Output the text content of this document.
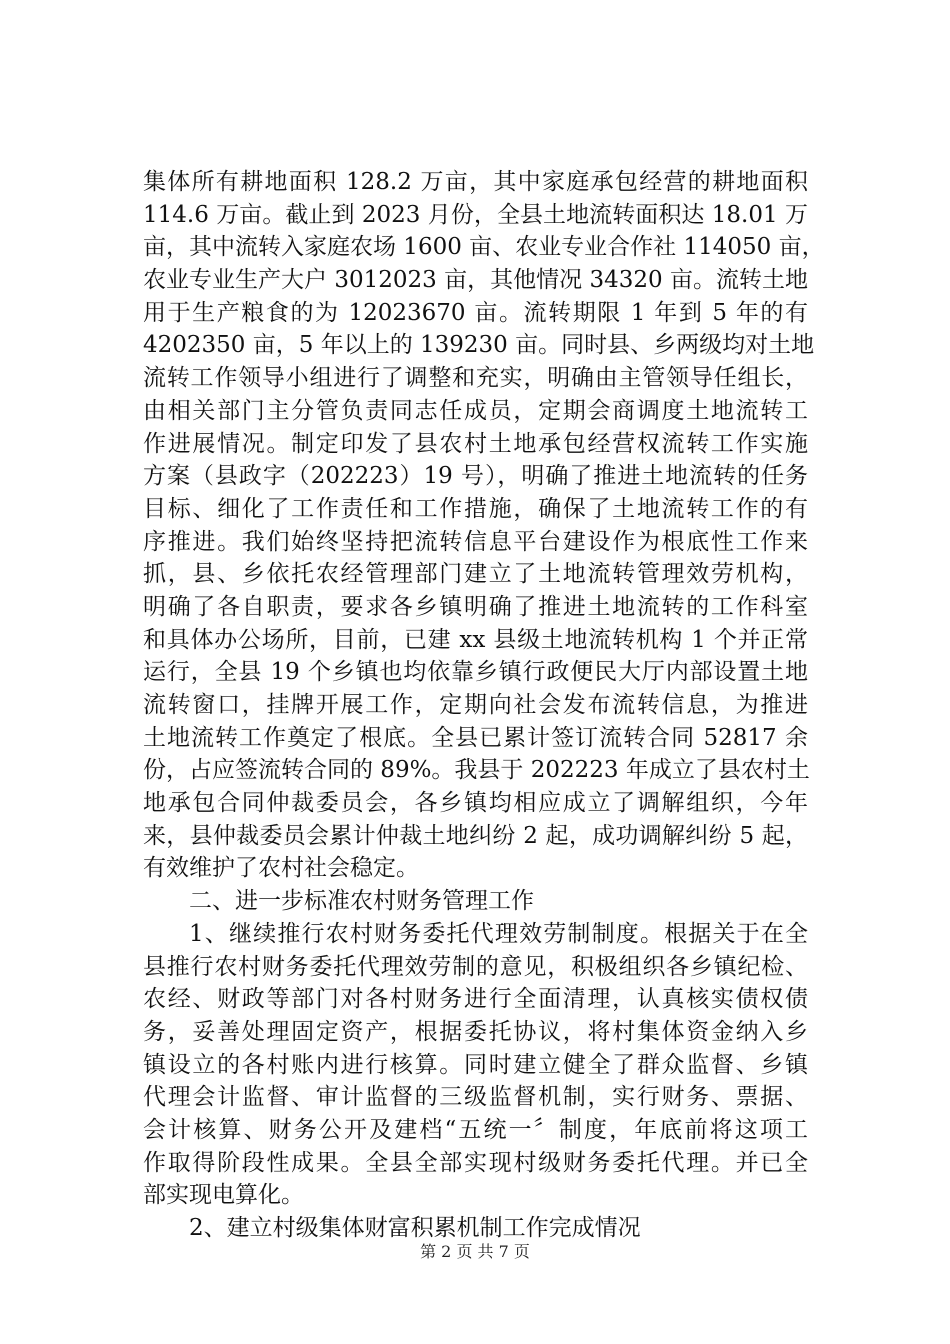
集体所有耕地面积 128.2 万亩，其中家庭承包经营的耕地面积
114.6 万亩。截止到 2023 月份，全县土地流转面积达 18.01 万
亩，其中流转入家庭农场 1600 亩、农业专业合作社 114050 亩，
农业专业生产大户 3012023 亩，其他情况 34320 亩。流转土地
用于生产粮食的为 12023670 亩。流转期限 1 年到 5 年的有
4202350 亩，5 年以上的 139230 亩。同时县、乡两级均对土地
流转工作领导小组进行了调整和充实，明确由主管领导任组长，
由相关部门主分管负责同志任成员，定期会商调度土地流转工
作进展情况。制定印发了县农村土地承包经营权流转工作实施
方案（县政字（202223）19 号），明确了推进土地流转的任务
目标、细化了工作责任和工作措施，确保了土地流转工作的有
序推进。我们始终坚持把流转信息平台建设作为根底性工作来
抓，县、乡依托农经管理部门建立了土地流转管理效劳机构，
明确了各自职责，要求各乡镇明确了推进土地流转的工作科室
和具体办公场所，目前，已建 xx 县级土地流转机构 1 个并正常
运行，全县 19 个乡镇也均依靠乡镇行政便民大厅内部设置土地
流转窗口，挂牌开展工作，定期向社会发布流转信息，为推进
土地流转工作奠定了根底。全县已累计签订流转合同 52817 余
份，占应签流转合同的 89%。我县于 202223 年成立了县农村土
地承包合同仲裁委员会，各乡镇均相应成立了调解组织，今年
来，县仲裁委员会累计仲裁土地纠纷 2 起，成功调解纠纷 5 起，
有效维护了农村社会稳定。
二、进一步标准农村财务管理工作
1、继续推行农村财务委托代理效劳制制度。根据关于在全
县推行农村财务委托代理效劳制的意见，积极组织各乡镇纪检、
农经、财政等部门对各村财务进行全面清理，认真核实债权债
务，妥善处理固定资产，根据委托协议，将村集体资金纳入乡
镇设立的各村账内进行核算。同时建立健全了群众监督、乡镇
代理会计监督、审计监督的三级监督机制，实行财务、票据、
会计核算、财务公开及建档“五统一〞制度，年底前将这项工
作取得阶段性成果。全县全部实现村级财务委托代理。并已全
部实现电算化。
2、建立村级集体财富积累机制工作完成情况
第 2 页 共 7 页
